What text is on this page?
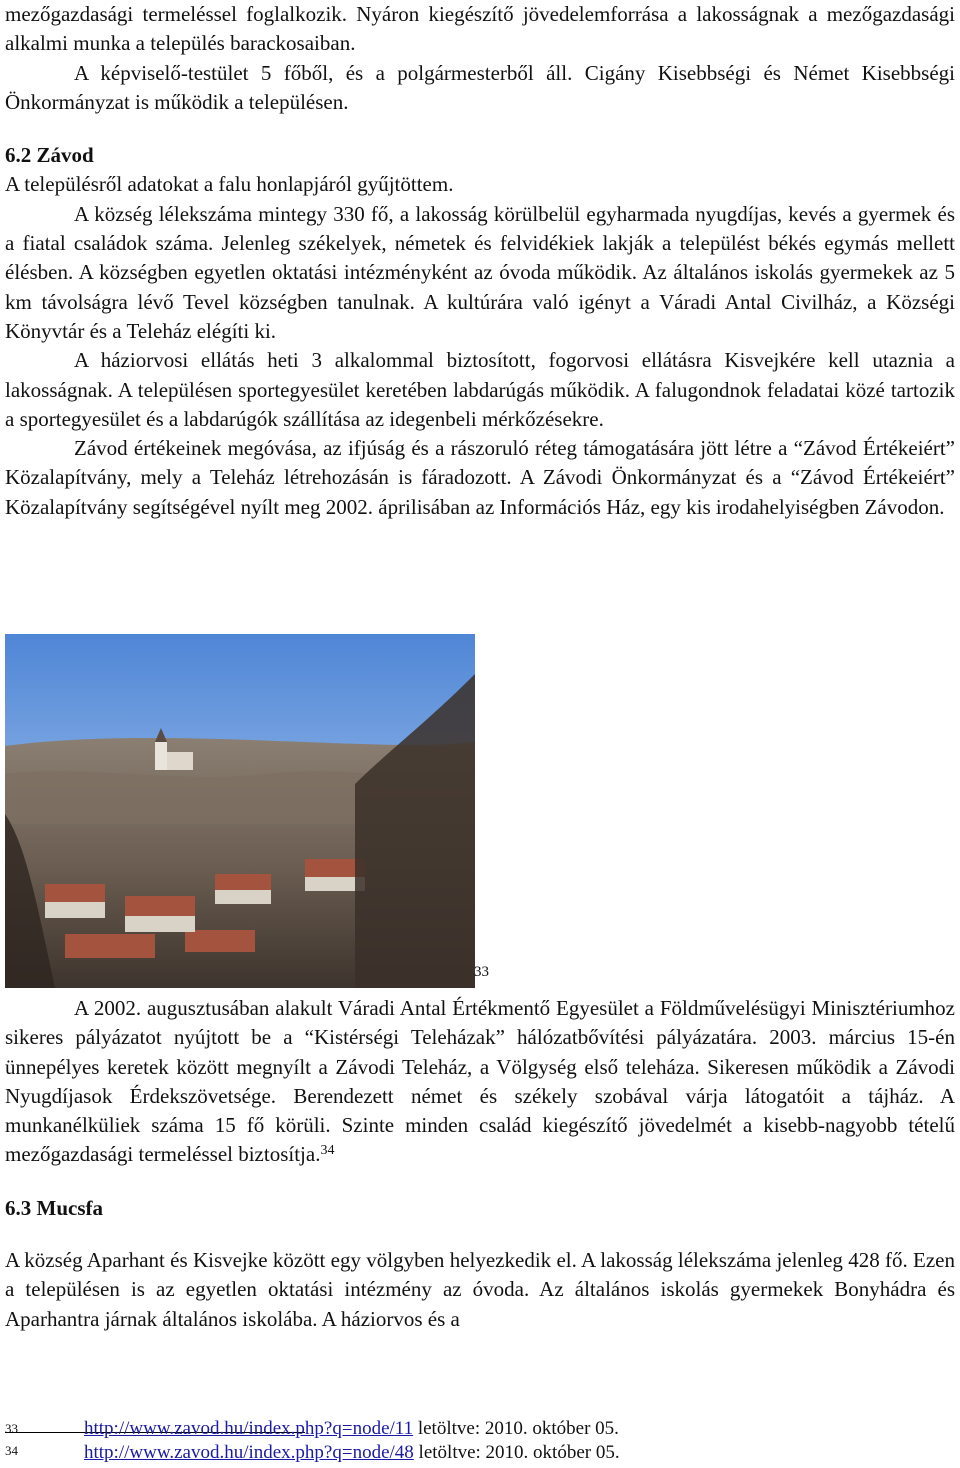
mezőgazdasági termeléssel foglalkozik. Nyáron kiegészítő jövedelemforrása a lakosságnak a mezőgazdasági alkalmi munka a település barackosaiban.

A képviselő-testület 5 főből, és a polgármesterből áll. Cigány Kisebbségi és Német Kisebbségi Önkormányzat is működik a településen.

6.2 Závod

A településről adatokat a falu honlapjáról gyűjtöttem.

A község lélekszáma mintegy 330 fő, a lakosság körülbelül egyharmada nyugdíjas, kevés a gyermek és a fiatal családok száma. Jelenleg székelyek, németek és felvidékiek lakják a települést békés egymás mellett élésben. A községben egyetlen oktatási intézményként az óvoda működik. Az általános iskolás gyermekek az 5 km távolságra lévő Tevel községben tanulnak. A kultúrára való igényt a Váradi Antal Civilház, a Községi Könyvtár és a Teleház elégíti ki.

A háziorvosi ellátás heti 3 alkalommal biztosított, fogorvosi ellátásra Kisvejkére kell utaznia a lakosságnak. A településen sportegyesület keretében labdarúgás működik. A falugondnok feladatai közé tartozik a sportegyesület és a labdarúgók szállítása az idegenbeli mérkőzésekre.

Závod értékeinek megóvása, az ifjúság és a rászoruló réteg támogatására jött létre a “Závod Értékeiért” Közalapítvány, mely a Teleház létrehozásán is fáradozott. A Závodi Önkormányzat és a “Závod Értékeiért” Közalapítvány segítségével nyílt meg 2002. áprilisában az Információs Ház, egy kis irodahelyiségben Závodon.

33

A 2002. augusztusában alakult Váradi Antal Értékmentő Egyesület a Földművelésügyi Minisztériumhoz sikeres pályázatot nyújtott be a “Kistérségi Teleházak” hálózatbővítési pályázatára. 2003. március 15-én ünnepélyes keretek között megnyílt a Závodi Teleház, a Völgység első teleháza. Sikeresen működik a Závodi Nyugdíjasok Érdekszövetsége. Berendezett német és székely szobával várja látogatóit a tájház. A munkanélküliek száma 15 fő körüli. Szinte minden család kiegészítő jövedelmét a kisebb-nagyobb tételű mezőgazdasági termeléssel biztosítja.$^{34}$

6.3 Mucsfa

A község Aparhant és Kisvejke között egy völgyben helyezkedik el. A lakosság lélekszáma jelenleg 428 fő. Ezen a településen is az egyetlen oktatási intézmény az óvoda. Az általános iskolás gyermekek Bonyhádra és Aparhantra járnak általános iskolába. A háziorvos és a

33	http://www.zavod.hu/index.php?q=node/11 letöltve: 2010. október 05.
34	http://www.zavod.hu/index.php?q=node/48 letöltve: 2010. október 05.
